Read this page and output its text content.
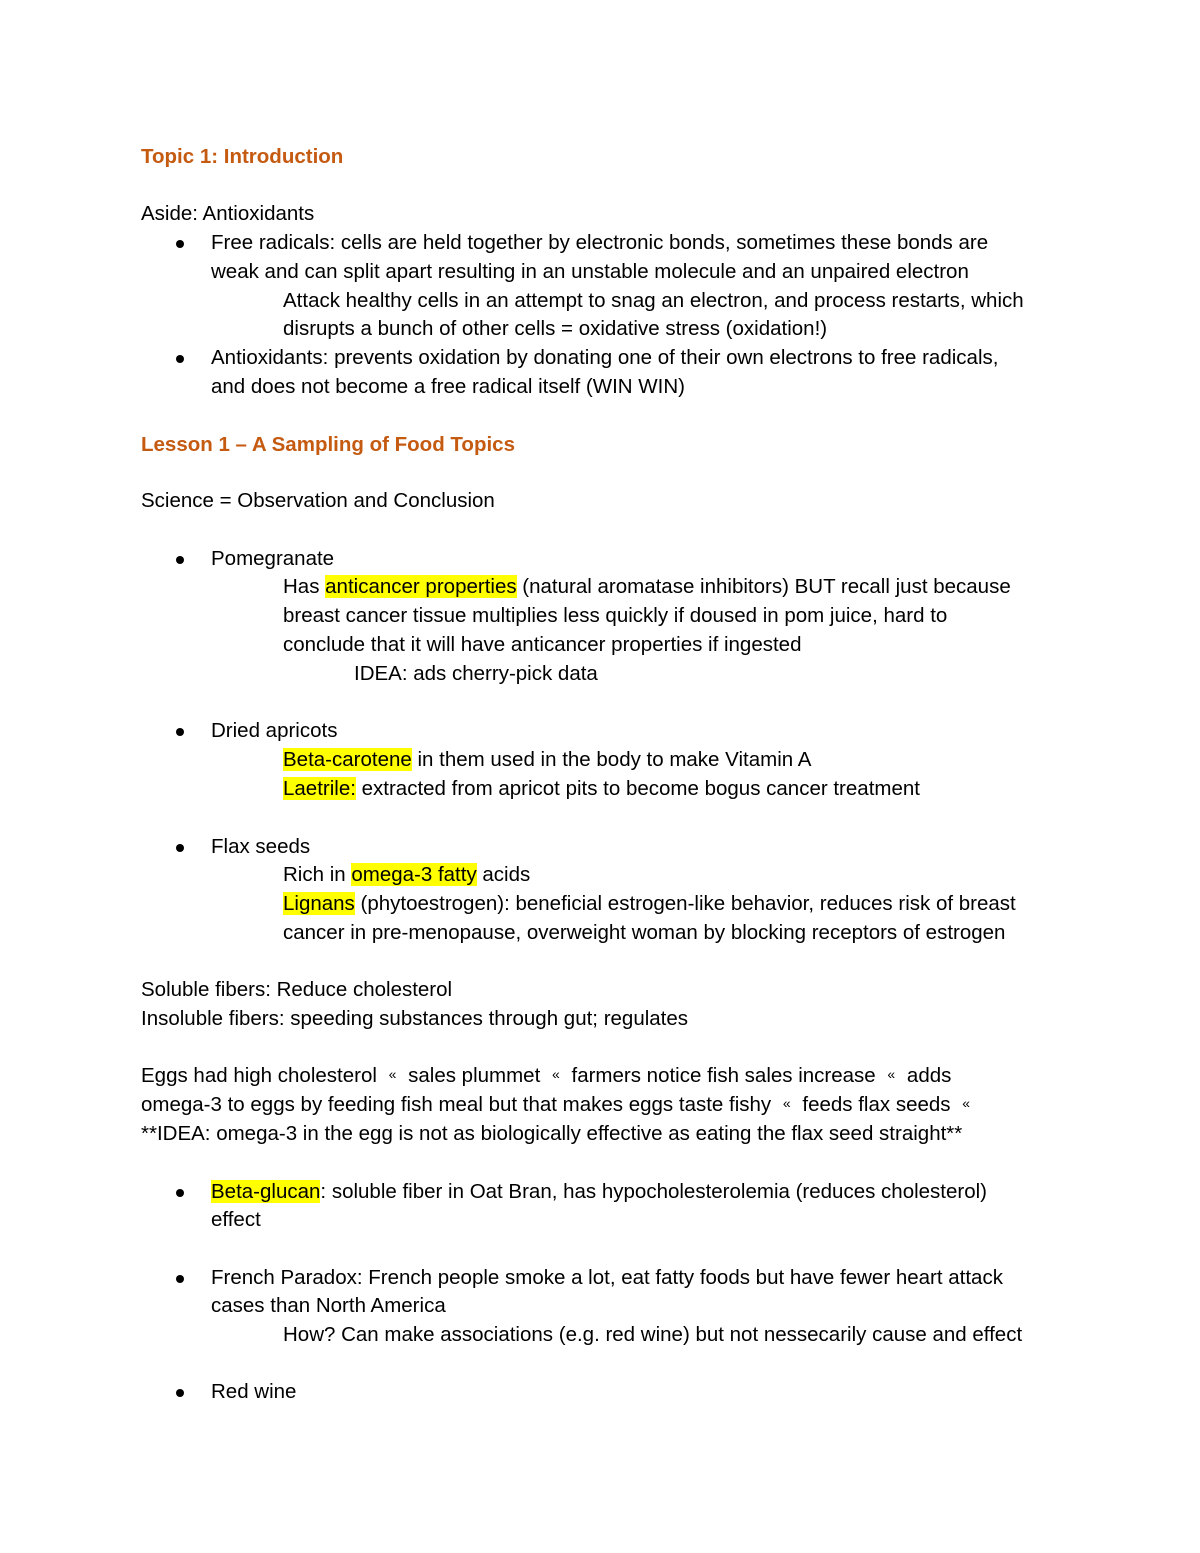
Topic 1: Introduction
Aside: Antioxidants
Free radicals: cells are held together by electronic bonds, sometimes these bonds are
weak and can split apart resulting in an unstable molecule and an unpaired electron
Attack healthy cells in an attempt to snag an electron, and process restarts, which
disrupts a bunch of other cells = oxidative stress (oxidation!)
Antioxidants: prevents oxidation by donating one of their own electrons to free radicals,
and does not become a free radical itself (WIN WIN)
Lesson 1 – A Sampling of Food Topics
Science = Observation and Conclusion
Pomegranate
Has anticancer properties (natural aromatase inhibitors) BUT recall just because
breast cancer tissue multiplies less quickly if doused in pom juice, hard to
conclude that it will have anticancer properties if ingested
IDEA: ads cherry-pick data
Dried apricots
Beta-carotene in them used in the body to make Vitamin A
Laetrile: extracted from apricot pits to become bogus cancer treatment
Flax seeds
Rich in omega-3 fatty acids
Lignans (phytoestrogen): beneficial estrogen-like behavior, reduces risk of breast
cancer in pre-menopause, overweight woman by blocking receptors of estrogen
Soluble fibers: Reduce cholesterol
Insoluble fibers: speeding substances through gut; regulates
Eggs had high cholesterol « sales plummet « farmers notice fish sales increase « adds
omega-3 to eggs by feeding fish meal but that makes eggs taste fishy « feeds flax seeds «
**IDEA: omega-3 in the egg is not as biologically effective as eating the flax seed straight**
Beta-glucan: soluble fiber in Oat Bran, has hypocholesterolemia (reduces cholesterol)
effect
French Paradox: French people smoke a lot, eat fatty foods but have fewer heart attack
cases than North America
How? Can make associations (e.g. red wine) but not nessecarily cause and effect
Red wine
